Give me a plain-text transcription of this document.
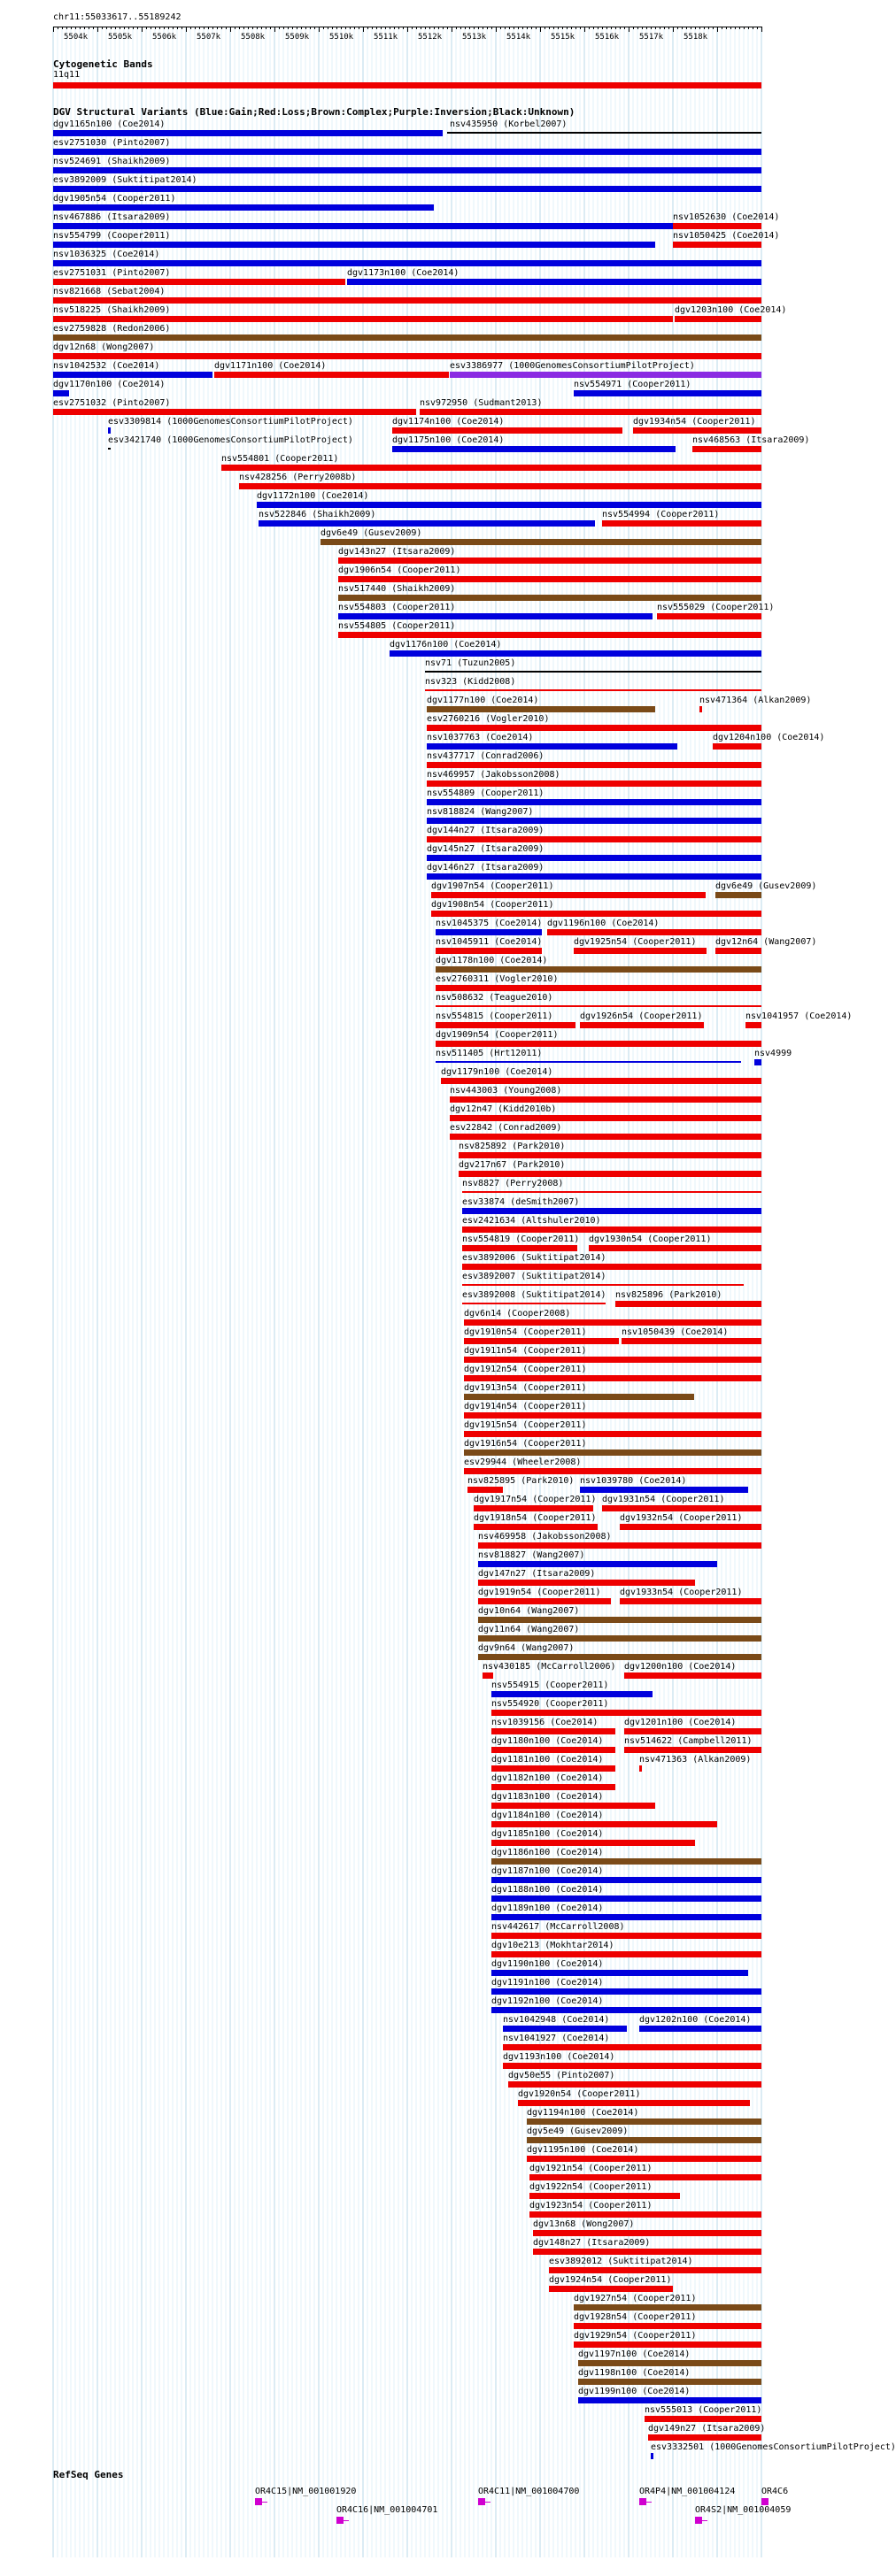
chr11:55033617..55189242
5504k	5505k	5506k	5507k	5508k	5509k	5510k	5511k	5512k	5513k	5514k	5515k	5516k	5517k	5518k
Cytogenetic Bands
11q11
DGV Structural Variants (Blue:Gain;Red:Loss;Brown:Complex;Purple:Inversion;Black:Unknown)
dgv1165n100 (Coe2014)	nsv435950 (Korbel2007)
esv2751030 (Pinto2007)
nsv524691 (Shaikh2009)
esv3892009 (Suktitipat2014)
dgv1905n54 (Cooper2011)
nsv467886 (Itsara2009)	nsv1052630 (Coe2014)
nsv554799 (Cooper2011)	nsv1050425 (Coe2014)
nsv1036325 (Coe2014)
esv2751031 (Pinto2007)	dgv1173n100 (Coe2014)
nsv821668 (Sebat2004)
nsv518225 (Shaikh2009)	dgv1203n100 (Coe2014)
esv2759828 (Redon2006)
dgv12n68 (Wong2007)
nsv1042532 (Coe2014)	dgv1171n100 (Coe2014)	esv3386977 (1000GenomesConsortiumPilotProject)
dgv1170n100 (Coe2014)	nsv554971 (Cooper2011)
esv2751032 (Pinto2007)	nsv972950 (Sudmant2013)
esv3309814 (1000GenomesConsortiumPilotProject)	dgv1174n100 (Coe2014)	dgv1934n54 (Cooper2011)
esv3421740 (1000GenomesConsortiumPilotProject)	dgv1175n100 (Coe2014)	nsv468563 (Itsara2009)
nsv554801 (Cooper2011)
nsv428256 (Perry2008b)
dgv1172n100 (Coe2014)
nsv522846 (Shaikh2009)	nsv554994 (Cooper2011)
dgv6e49 (Gusev2009)
dgv143n27 (Itsara2009)
dgv1906n54 (Cooper2011)
nsv517440 (Shaikh2009)
nsv554803 (Cooper2011)	nsv555029 (Cooper2011)
nsv554805 (Cooper2011)
dgv1176n100 (Coe2014)
nsv71 (Tuzun2005)
nsv323 (Kidd2008)
dgv1177n100 (Coe2014)	nsv471364 (Alkan2009)
esv2760216 (Vogler2010)
nsv1037763 (Coe2014)	dgv1204n100 (Coe2014)
nsv437717 (Conrad2006)
nsv469957 (Jakobsson2008)
nsv554809 (Cooper2011)
nsv818824 (Wang2007)
dgv144n27 (Itsara2009)
dgv145n27 (Itsara2009)
dgv146n27 (Itsara2009)
dgv1907n54 (Cooper2011)	dgv6e49 (Gusev2009)
dgv1908n54 (Cooper2011)
nsv1045375 (Coe2014) dgv1196n100 (Coe2014)
nsv1045911 (Coe2014)	dgv1925n54 (Cooper2011) dgv12n64 (Wang2007)
dgv1178n100 (Coe2014)
esv2760311 (Vogler2010)
nsv508632 (Teague2010)
nsv554815 (Cooper2011)	dgv1926n54 (Cooper2011)	nsv1041957 (Coe2014)
dgv1909n54 (Cooper2011)
nsv511405 (Hrt12011)	nsv4999
dgv1179n100 (Coe2014)
nsv443003 (Young2008)
dgv12n47 (Kidd2010b)
esv22842 (Conrad2009)
nsv825892 (Park2010)
dgv217n67 (Park2010)
nsv8827 (Perry2008)
esv33874 (deSmith2007)
esv2421634 (Altshuler2010)
nsv554819 (Cooper2011) dgv1930n54 (Cooper2011)
esv3892006 (Suktitipat2014)
esv3892007 (Suktitipat2014)
esv3892008 (Suktitipat2014) nsv825896 (Park2010)
dgv6n14 (Cooper2008)
dgv1910n54 (Cooper2011)	nsv1050439 (Coe2014)
dgv1911n54 (Cooper2011)
dgv1912n54 (Cooper2011)
dgv1913n54 (Cooper2011)
dgv1914n54 (Cooper2011)
dgv1915n54 (Cooper2011)
dgv1916n54 (Cooper2011)
esv29944 (Wheeler2008)
nsv825895 (Park2010) nsv1039780 (Coe2014)
dgv1917n54 (Cooper2011) dgv1931n54 (Cooper2011)
dgv1918n54 (Cooper2011)	dgv1932n54 (Cooper2011)
nsv469958 (Jakobsson2008)
nsv818827 (Wang2007)
dgv147n27 (Itsara2009)
dgv1919n54 (Cooper2011) dgv1933n54 (Cooper2011)
dgv10n64 (Wang2007)
dgv11n64 (Wang2007)
dgv9n64 (Wang2007)
nsv430185 (McCarroll2006) dgv1200n100 (Coe2014)
nsv554915 (Cooper2011)
nsv554920 (Cooper2011)
nsv1039156 (Coe2014)	dgv1201n100 (Coe2014)
dgv1180n100 (Coe2014) nsv514622 (Campbell2011)
dgv1181n100 (Coe2014)	nsv471363 (Alkan2009)
dgv1182n100 (Coe2014)
dgv1183n100 (Coe2014)
dgv1184n100 (Coe2014)
dgv1185n100 (Coe2014)
dgv1186n100 (Coe2014)
dgv1187n100 (Coe2014)
dgv1188n100 (Coe2014)
dgv1189n100 (Coe2014)
nsv442617 (McCarroll2008)
dgv10e213 (Mokhtar2014)
dgv1190n100 (Coe2014)
dgv1191n100 (Coe2014)
dgv1192n100 (Coe2014)
nsv1042948 (Coe2014)	dgv1202n100 (Coe2014)
nsv1041927 (Coe2014)
dgv1193n100 (Coe2014)
dgv50e55 (Pinto2007)
dgv1920n54 (Cooper2011)
dgv1194n100 (Coe2014)
dgv5e49 (Gusev2009)
dgv1195n100 (Coe2014)
dgv1921n54 (Cooper2011)
dgv1922n54 (Cooper2011)
dgv1923n54 (Cooper2011)
dgv13n68 (Wong2007)
dgv148n27 (Itsara2009)
esv3892012 (Suktitipat2014)
dgv1924n54 (Cooper2011)
dgv1927n54 (Cooper2011)
dgv1928n54 (Cooper2011)
dgv1929n54 (Cooper2011)
dgv1197n100 (Coe2014)
dgv1198n100 (Coe2014)
dgv1199n100 (Coe2014)
nsv555013 (Cooper2011)
dgv149n27 (Itsara2009)
esv3332501 (1000GenomesConsortiumPilotProject)
RefSeq Genes
OR4C15|NM_001001920	OR4C11|NM_001004700	OR4P4|NM_001004124	OR4C6
OR4C16|NM_001004701	OR4S2|NM_001004059
